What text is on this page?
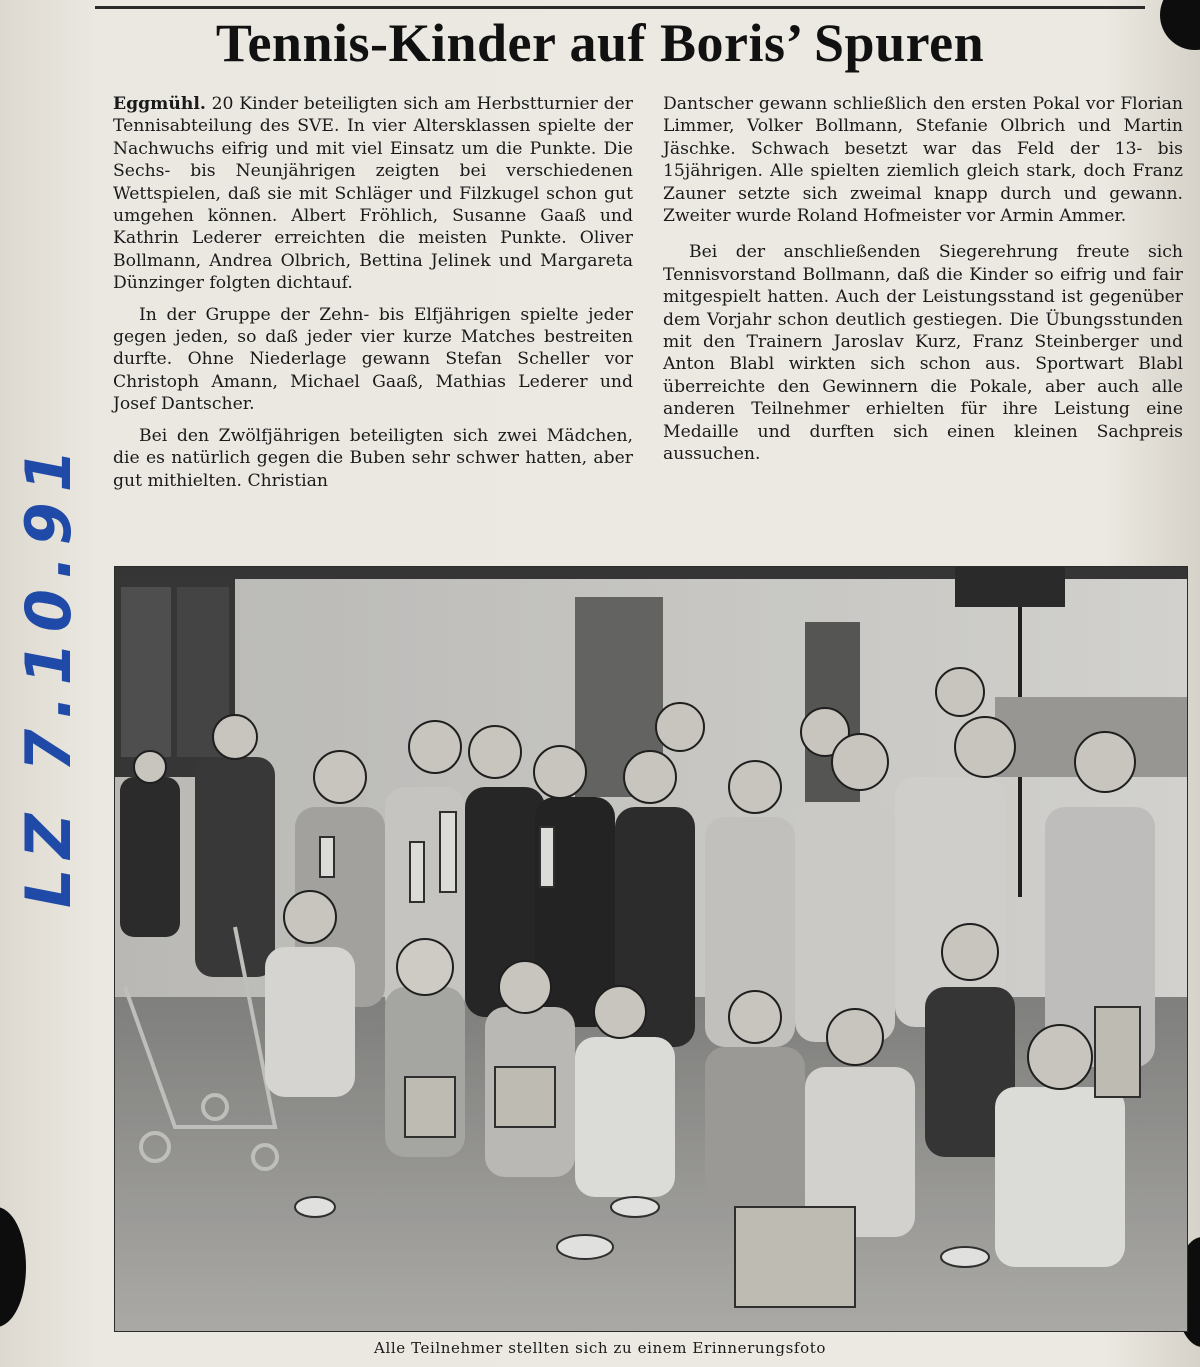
Tennis-Kinder auf Boris’ Spuren
LZ 7.10.91

Eggmühl. 20 Kinder beteiligten sich am Herbstturnier der Tennisabteilung des SVE. In vier Altersklassen spielte der Nachwuchs eifrig und mit viel Einsatz um die Punkte. Die Sechs- bis Neunjährigen zeigten bei verschiedenen Wettspielen, daß sie mit Schläger und Filzkugel schon gut umgehen können. Albert Fröhlich, Susanne Gaaß und Kathrin Lederer erreichten die meisten Punkte. Oliver Bollmann, Andrea Olbrich, Bettina Jelinek und Margareta Dünzinger folgten dichtauf.

In der Gruppe der Zehn- bis Elfjährigen spielte jeder gegen jeden, so daß jeder vier kurze Matches bestreiten durfte. Ohne Niederlage gewann Stefan Scheller vor Christoph Amann, Michael Gaaß, Mathias Lederer und Josef Dantscher.

Bei den Zwölfjährigen beteiligten sich zwei Mädchen, die es natürlich gegen die Buben sehr schwer hatten, aber gut mithielten. Christian

Dantscher gewann schließlich den ersten Pokal vor Florian Limmer, Volker Bollmann, Stefanie Olbrich und Martin Jäschke. Schwach besetzt war das Feld der 13- bis 15jährigen. Alle spielten ziemlich gleich stark, doch Franz Zauner setzte sich zweimal knapp durch und gewann. Zweiter wurde Roland Hofmeister vor Armin Ammer.

Bei der anschließenden Siegerehrung freute sich Tennisvorstand Bollmann, daß die Kinder so eifrig und fair mitgespielt hatten. Auch der Leistungsstand ist gegenüber dem Vorjahr schon deutlich gestiegen. Die Übungsstunden mit den Trainern Jaroslav Kurz, Franz Steinberger und Anton Blabl wirkten sich schon aus. Sportwart Blabl überreichte den Gewinnern die Pokale, aber auch alle anderen Teilnehmer erhielten für ihre Leistung eine Medaille und durften sich einen kleinen Sachpreis aussuchen.

Alle Teilnehmer stellten sich zu einem Erinnerungsfoto
